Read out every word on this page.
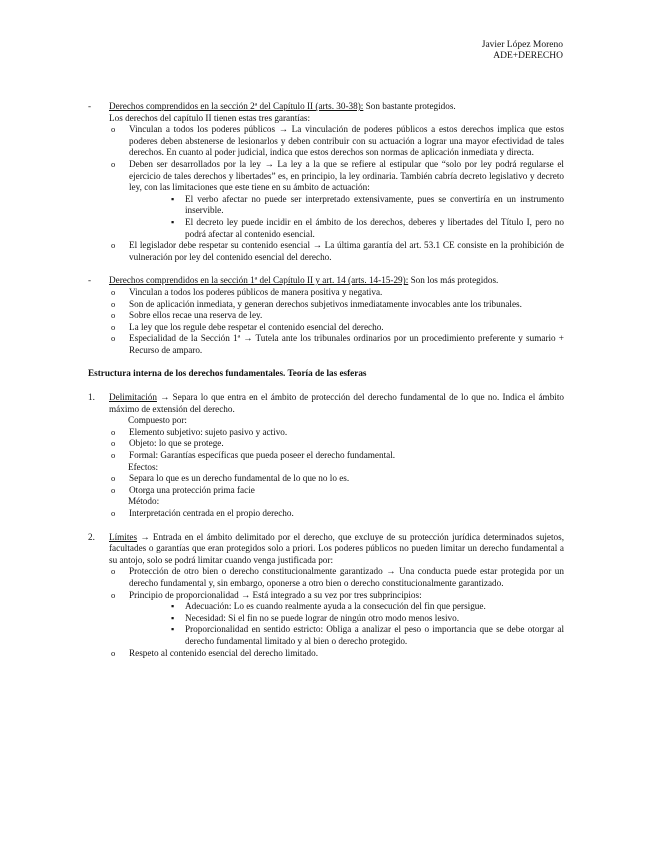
Javier López Moreno
ADE+DERECHO
- Derechos comprendidos en la sección 2ª del Capítulo II (arts. 30-38): Son bastante protegidos.
Los derechos del capítulo II tienen estas tres garantías:
o Vinculan a todos los poderes públicos → La vinculación de poderes públicos a estos derechos implica que estos poderes deben abstenerse de lesionarlos y deben contribuir con su actuación a lograr una mayor efectividad de tales derechos. En cuanto al poder judicial, indica que estos derechos son normas de aplicación inmediata y directa.
o Deben ser desarrollados por la ley → La ley a la que se refiere al estipular que “solo por ley podrá regularse el ejercicio de tales derechos y libertades” es, en principio, la ley ordinaria. También cabría decreto legislativo y decreto ley, con las limitaciones que este tiene en su ámbito de actuación:
▪ El verbo afectar no puede ser interpretado extensivamente, pues se convertiría en un instrumento inservible.
▪ El decreto ley puede incidir en el ámbito de los derechos, deberes y libertades del Título I, pero no podrá afectar al contenido esencial.
o El legislador debe respetar su contenido esencial → La última garantía del art. 53.1 CE consiste en la prohibición de vulneración por ley del contenido esencial del derecho.
- Derechos comprendidos en la sección 1ª del Capítulo II y art. 14 (arts. 14-15-29): Son los más protegidos.
o Vinculan a todos los poderes públicos de manera positiva y negativa.
o Son de aplicación inmediata, y generan derechos subjetivos inmediatamente invocables ante los tribunales.
o Sobre ellos recae una reserva de ley.
o La ley que los regule debe respetar el contenido esencial del derecho.
o Especialidad de la Sección 1ª → Tutela ante los tribunales ordinarios por un procedimiento preferente y sumario + Recurso de amparo.
Estructura interna de los derechos fundamentales. Teoría de las esferas
1. Delimitación → Separa lo que entra en el ámbito de protección del derecho fundamental de lo que no. Indica el ámbito máximo de extensión del derecho.
Compuesto por:
o Elemento subjetivo: sujeto pasivo y activo.
o Objeto: lo que se protege.
o Formal: Garantías específicas que pueda poseer el derecho fundamental.
Efectos:
o Separa lo que es un derecho fundamental de lo que no lo es.
o Otorga una protección prima facie
Método:
o Interpretación centrada en el propio derecho.
2. Límites → Entrada en el ámbito delimitado por el derecho, que excluye de su protección jurídica determinados sujetos, facultades o garantías que eran protegidos solo a priori. Los poderes públicos no pueden limitar un derecho fundamental a su antojo, solo se podrá limitar cuando venga justificada por:
o Protección de otro bien o derecho constitucionalmente garantizado → Una conducta puede estar protegida por un derecho fundamental y, sin embargo, oponerse a otro bien o derecho constitucionalmente garantizado.
o Principio de proporcionalidad → Está integrado a su vez por tres subprincipios:
▪ Adecuación: Lo es cuando realmente ayuda a la consecución del fin que persigue.
▪ Necesidad: Si el fin no se puede lograr de ningún otro modo menos lesivo.
▪ Proporcionalidad en sentido estricto: Obliga a analizar el peso o importancia que se debe otorgar al derecho fundamental limitado y al bien o derecho protegido.
o Respeto al contenido esencial del derecho limitado.
